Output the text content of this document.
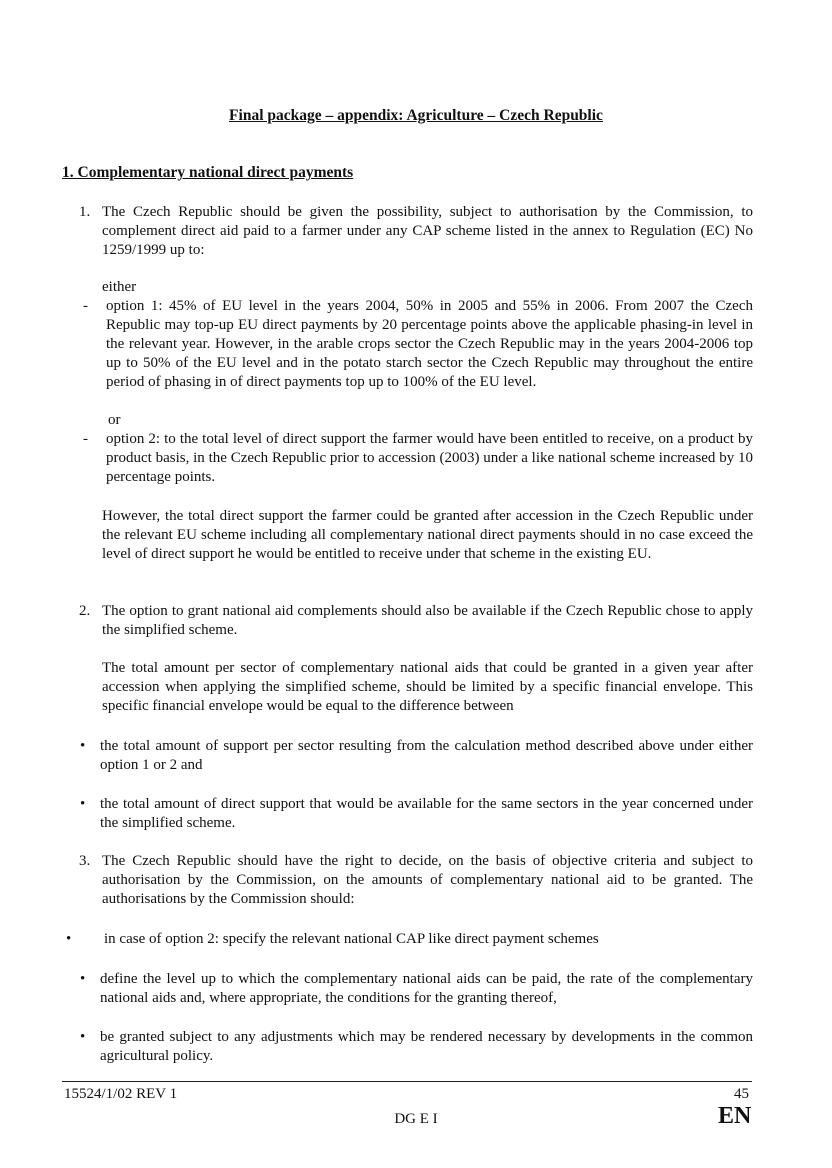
Final package – appendix: Agriculture – Czech Republic
1. Complementary national direct payments
1. The Czech Republic should be given the possibility, subject to authorisation by the Commission, to complement direct aid paid to a farmer under any CAP scheme listed in the annex to Regulation (EC) No 1259/1999 up to:
either
- option 1: 45% of EU level in the years 2004, 50% in 2005 and 55% in 2006. From 2007 the Czech Republic may top-up EU direct payments by 20 percentage points above the applicable phasing-in level in the relevant year. However, in the arable crops sector the Czech Republic may in the years 2004-2006 top up to 50% of the EU level and in the potato starch sector the Czech Republic may throughout the entire period of phasing in of direct payments top up to 100% of the EU level.
or
- option 2: to the total level of direct support the farmer would have been entitled to receive, on a product by product basis, in the Czech Republic prior to accession (2003) under a like national scheme increased by 10 percentage points.
However, the total direct support the farmer could be granted after accession in the Czech Republic under the relevant EU scheme including all complementary national direct payments should in no case exceed the level of direct support he would be entitled to receive under that scheme in the existing EU.
2. The option to grant national aid complements should also be available if the Czech Republic chose to apply the simplified scheme.
The total amount per sector of complementary national aids that could be granted in a given year after accession when applying the simplified scheme, should be limited by a specific financial envelope. This specific financial envelope would be equal to the difference between
• the total amount of support per sector resulting from the calculation method described above under either option 1 or 2 and
• the total amount of direct support that would be available for the same sectors in the year concerned under the simplified scheme.
3. The Czech Republic should have the right to decide, on the basis of objective criteria and subject to authorisation by the Commission, on the amounts of complementary national aid to be granted. The authorisations by the Commission should:
• in case of option 2: specify the relevant national CAP like direct payment schemes
• define the level up to which the complementary national aids can be paid, the rate of the complementary national aids and, where appropriate, the conditions for the granting thereof,
• be granted subject to any adjustments which may be rendered necessary by developments in the common agricultural policy.
15524/1/02 REV 1	45
DG E I	EN
